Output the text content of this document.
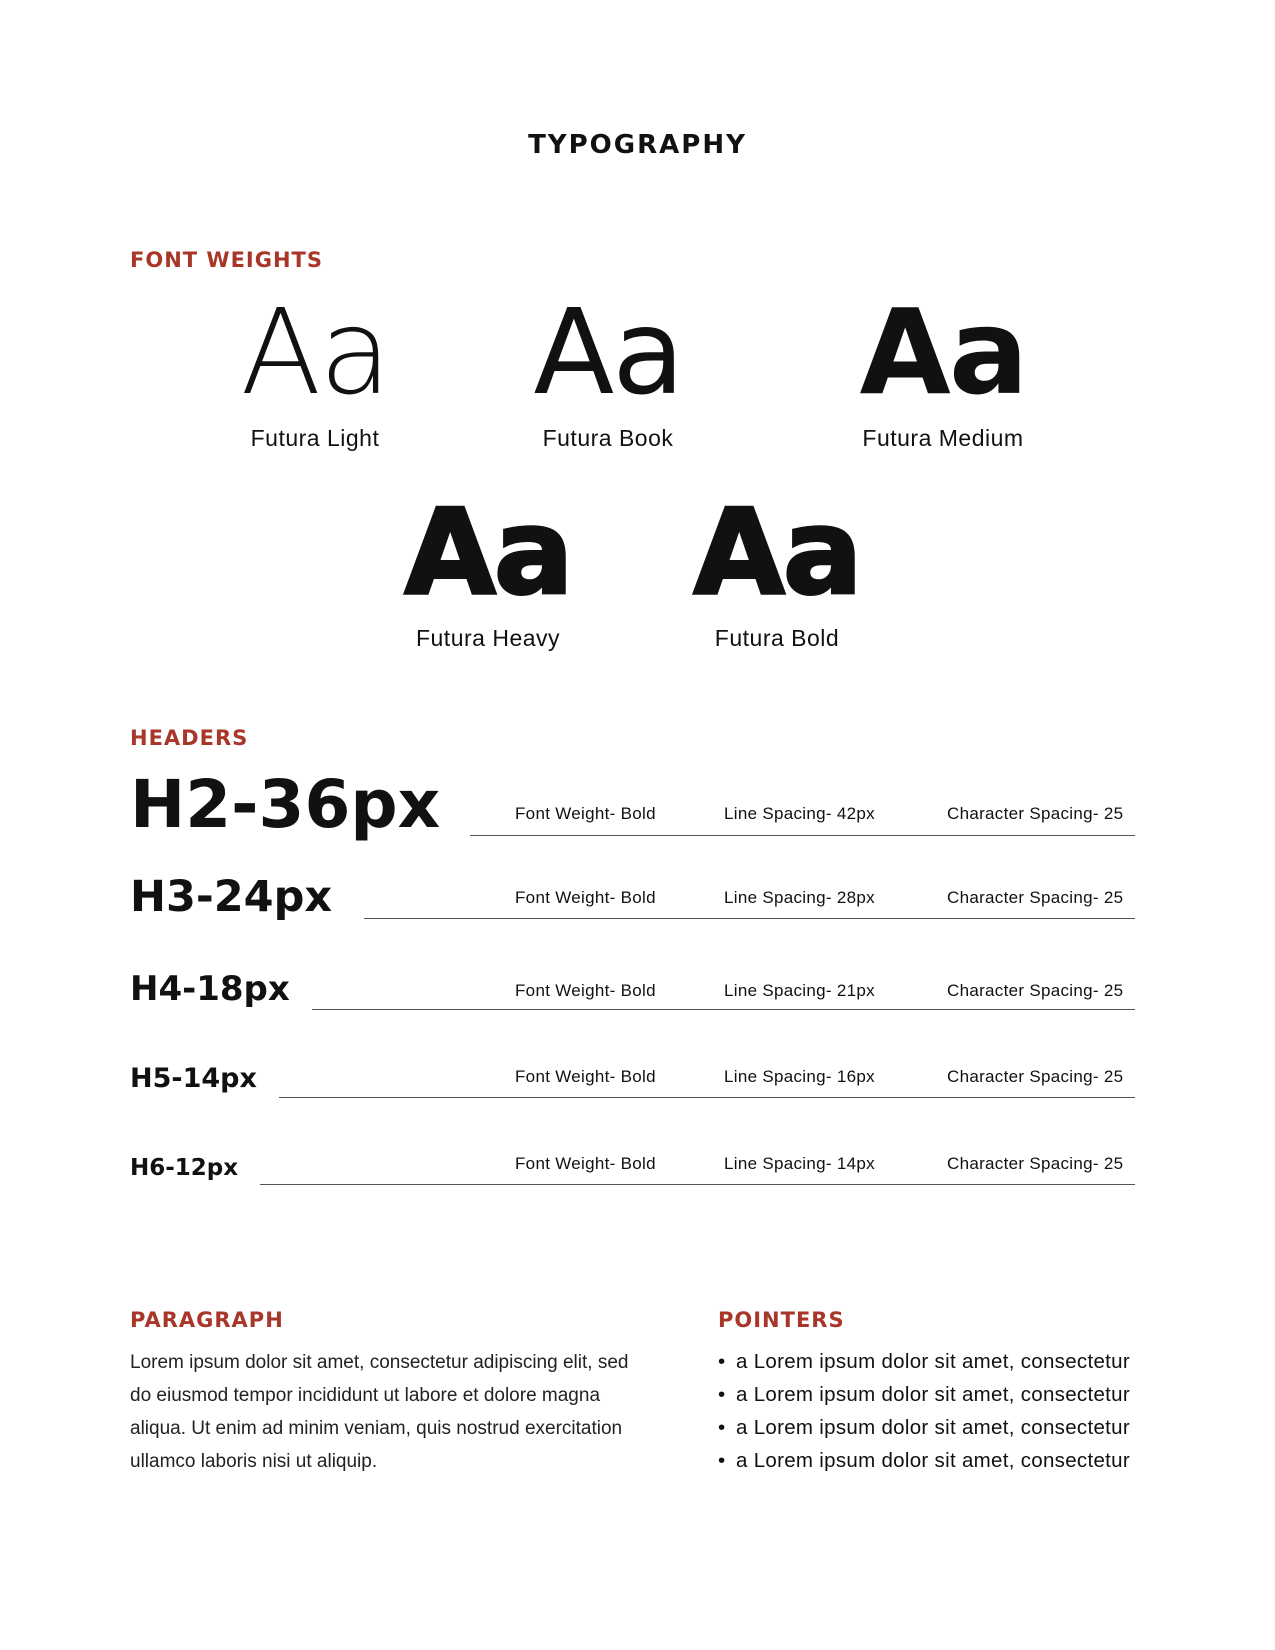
TYPOGRAPHY
FONT WEIGHTS
Aa
Futura Light
Aa
Futura Book
Aa
Futura Medium
Aa
Futura Heavy
Aa
Futura Bold
HEADERS
H2-36px	Font Weight- Bold	Line Spacing- 42px	Character Spacing- 25
H3-24px	Font Weight- Bold	Line Spacing- 28px	Character Spacing- 25
H4-18px	Font Weight- Bold	Line Spacing- 21px	Character Spacing- 25
H5-14px	Font Weight- Bold	Line Spacing- 16px	Character Spacing- 25
H6-12px	Font Weight- Bold	Line Spacing- 14px	Character Spacing- 25
PARAGRAPH
Lorem ipsum dolor sit amet, consectetur adipiscing elit, sed do eiusmod tempor incididunt ut labore et dolore magna aliqua. Ut enim ad minim veniam, quis nostrud exercitation ullamco laboris nisi ut aliquip.
POINTERS
• a Lorem ipsum dolor sit amet, consectetur
• a Lorem ipsum dolor sit amet, consectetur
• a Lorem ipsum dolor sit amet, consectetur
• a Lorem ipsum dolor sit amet, consectetur
